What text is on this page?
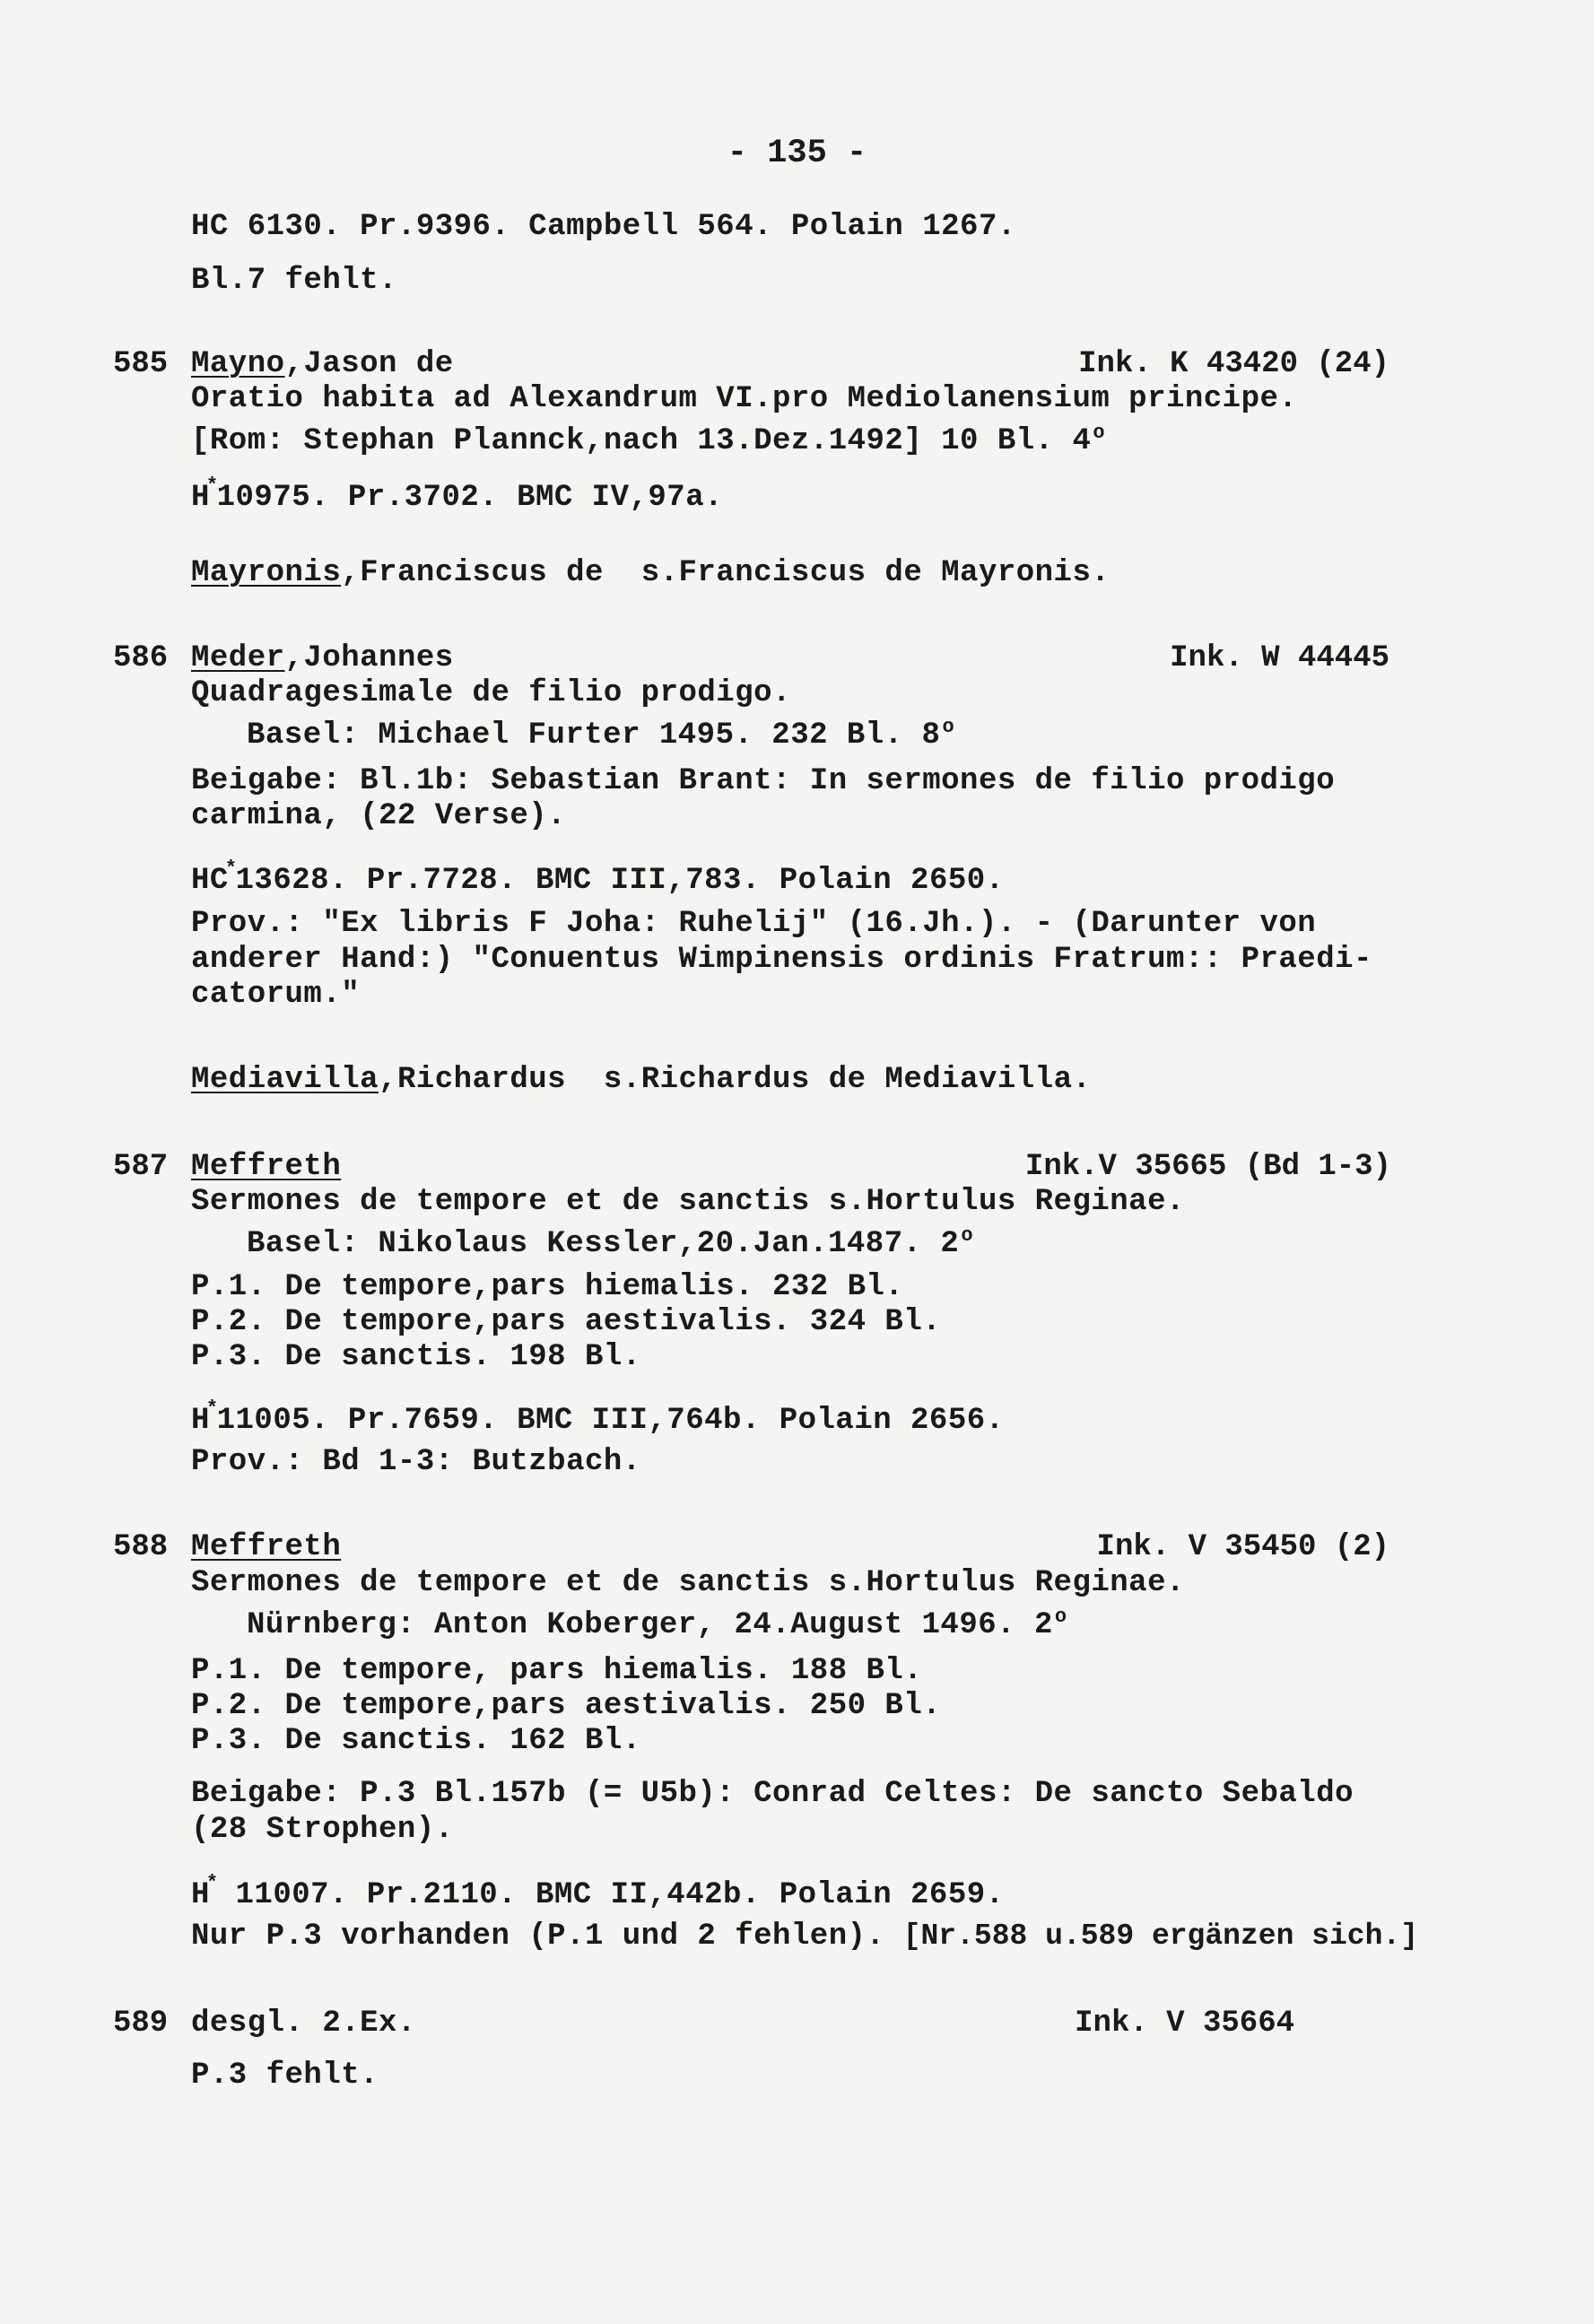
- 135 -
HC 6130. Pr.9396. Campbell 564. Polain 1267.
Bl.7 fehlt.
585 Mayno,Jason de	Ink. K 43420 (24)
Oratio habita ad Alexandrum VI.pro Mediolanensium principe.
[Rom: Stephan Plannck,nach 13.Dez.1492] 10 Bl. 4$^o$
H*10975. Pr.3702. BMC IV,97a.
Mayronis,Franciscus de  s.Franciscus de Mayronis.
586 Meder,Johannes	Ink. W 44445
Quadragesimale de filio prodigo.
Basel: Michael Furter 1495. 232 Bl. 8$^o$
Beigabe: Bl.1b: Sebastian Brant: In sermones de filio prodigo
carmina, (22 Verse).
HC*13628. Pr.7728. BMC III,783. Polain 2650.
Prov.: "Ex libris F Joha: Ruhelij" (16.Jh.). - (Darunter von
anderer Hand:) "Conuentus Wimpinensis ordinis Fratrum:: Praedi-
catorum."
Mediavilla,Richardus  s.Richardus de Mediavilla.
587 Meffreth	Ink.V 35665 (Bd 1-3)
Sermones de tempore et de sanctis s.Hortulus Reginae.
Basel: Nikolaus Kessler,20.Jan.1487. 2$^o$
P.1. De tempore,pars hiemalis. 232 Bl.
P.2. De tempore,pars aestivalis. 324 Bl.
P.3. De sanctis. 198 Bl.
H*11005. Pr.7659. BMC III,764b. Polain 2656.
Prov.: Bd 1-3: Butzbach.
588 Meffreth	Ink. V 35450 (2)
Sermones de tempore et de sanctis s.Hortulus Reginae.
Nürnberg: Anton Koberger, 24.August 1496. 2$^o$
P.1. De tempore, pars hiemalis. 188 Bl.
P.2. De tempore,pars aestivalis. 250 Bl.
P.3. De sanctis. 162 Bl.
Beigabe: P.3 Bl.157b (= U5b): Conrad Celtes: De sancto Sebaldo
(28 Strophen).
H* 11007. Pr.2110. BMC II,442b. Polain 2659.
Nur P.3 vorhanden (P.1 und 2 fehlen). [Nr.588 u.589 ergänzen sich.]
589 desgl. 2.Ex.	Ink. V 35664
P.3 fehlt.
